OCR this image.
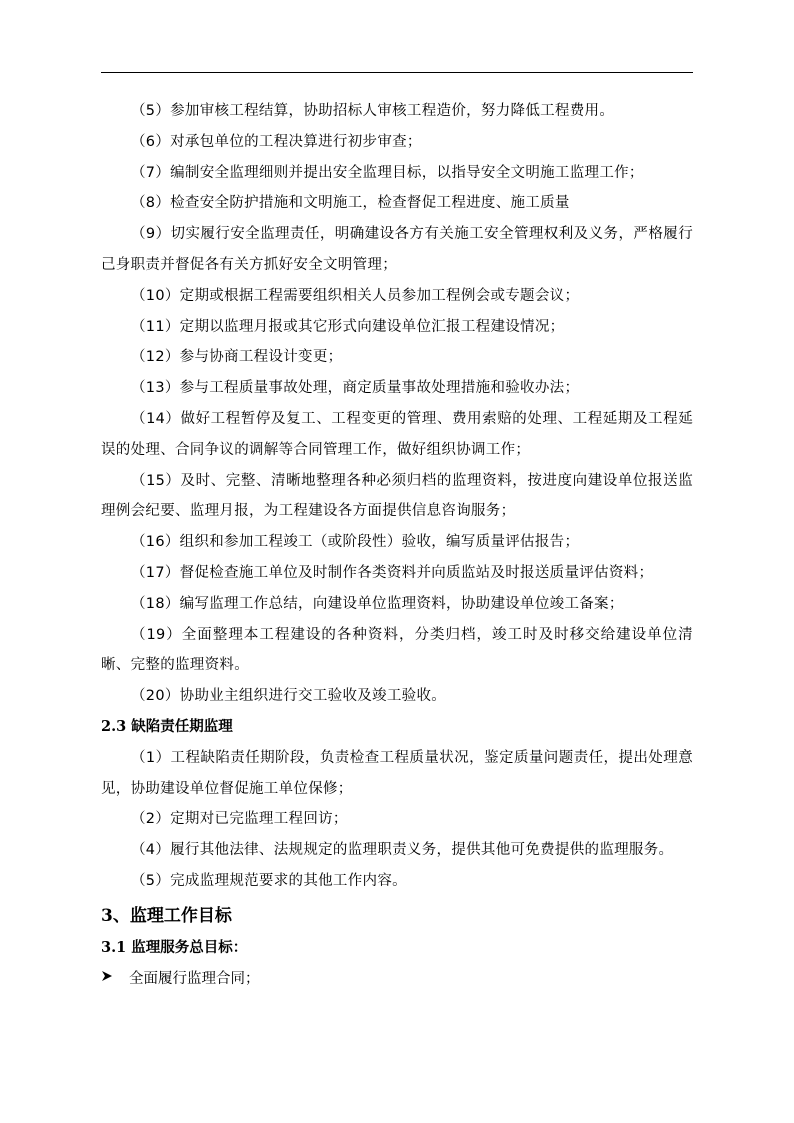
（5）参加审核工程结算，协助招标人审核工程造价，努力降低工程费用。

（6）对承包单位的工程决算进行初步审查；

（7）编制安全监理细则并提出安全监理目标，以指导安全文明施工监理工作；

（8）检查安全防护措施和文明施工，检查督促工程进度、施工质量

（9）切实履行安全监理责任，明确建设各方有关施工安全管理权利及义务，严格履行己身职责并督促各有关方抓好安全文明管理；

（10）定期或根据工程需要组织相关人员参加工程例会或专题会议；

（11）定期以监理月报或其它形式向建设单位汇报工程建设情况；

（12）参与协商工程设计变更；

（13）参与工程质量事故处理，商定质量事故处理措施和验收办法；

（14）做好工程暂停及复工、工程变更的管理、费用索赔的处理、工程延期及工程延误的处理、合同争议的调解等合同管理工作，做好组织协调工作；

（15）及时、完整、清晰地整理各种必须归档的监理资料，按进度向建设单位报送监理例会纪要、监理月报，为工程建设各方面提供信息咨询服务；

（16）组织和参加工程竣工（或阶段性）验收，编写质量评估报告；

（17）督促检查施工单位及时制作各类资料并向质监站及时报送质量评估资料；

（18）编写监理工作总结，向建设单位监理资料，协助建设单位竣工备案；

（19）全面整理本工程建设的各种资料，分类归档，竣工时及时移交给建设单位清晰、完整的监理资料。

（20）协助业主组织进行交工验收及竣工验收。

2.3 缺陷责任期监理

（1）工程缺陷责任期阶段，负责检查工程质量状况，鉴定质量问题责任，提出处理意见，协助建设单位督促施工单位保修；

（2）定期对已完监理工程回访；

（4）履行其他法律、法规规定的监理职责义务，提供其他可免费提供的监理服务。

（5）完成监理规范要求的其他工作内容。

3、监理工作目标

3.1 监理服务总目标：

全面履行监理合同；
